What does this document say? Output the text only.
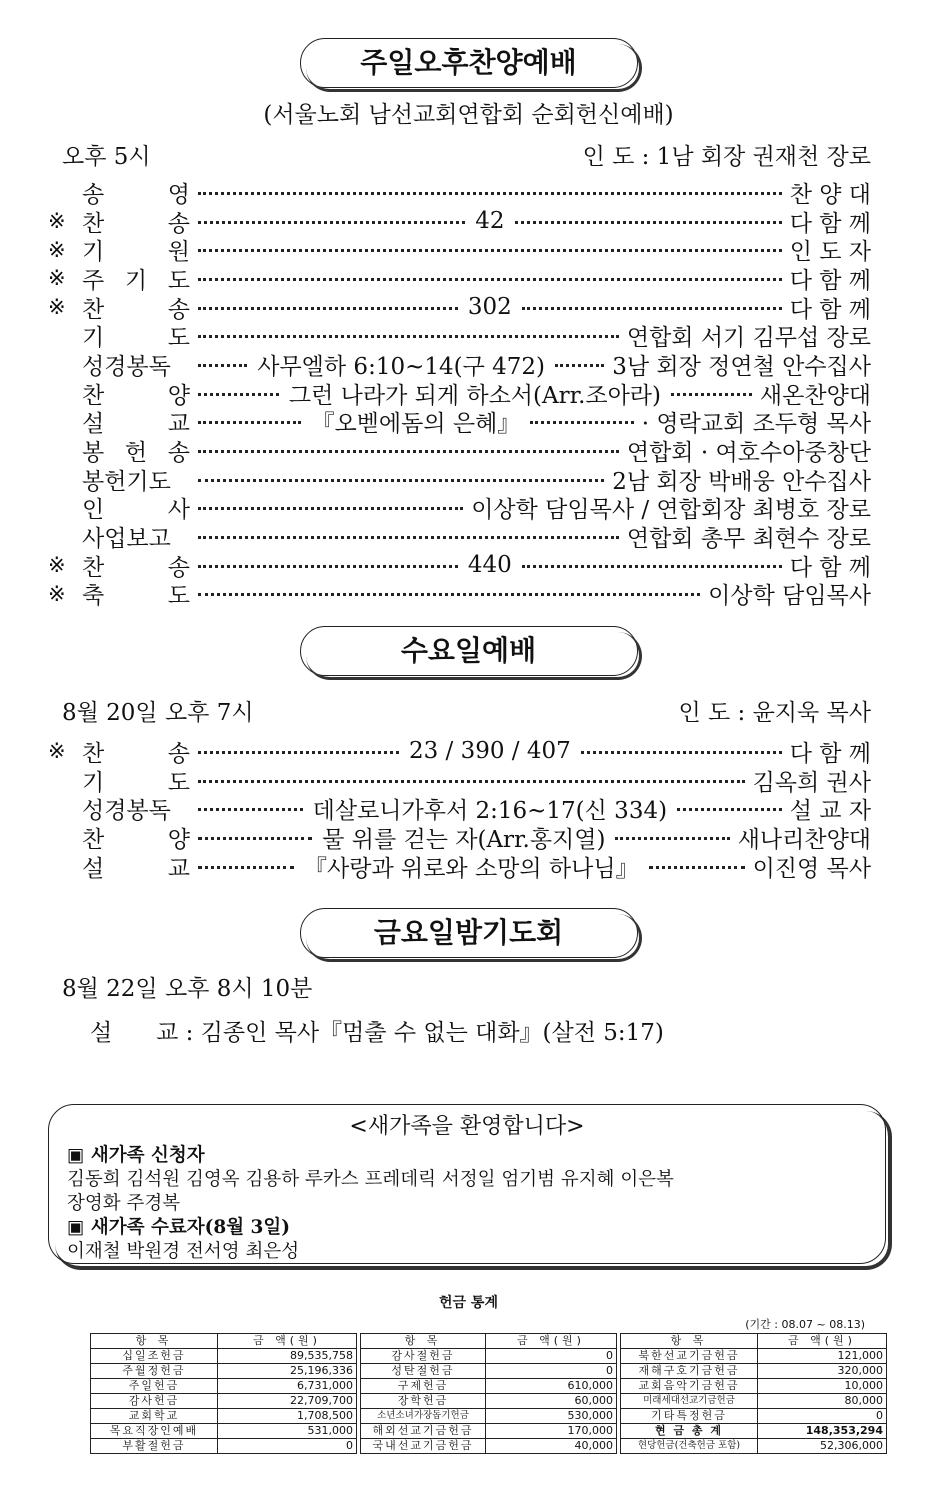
주일오후찬양예배
(서울노회 남선교회연합회 순회헌신예배)
오후 5시	인 도 : 1남 회장 권재천 장로
송	영	찬 양 대
※ 찬	송	42	다 함 께
※ 기	원	인 도 자
※ 주 기 도	다 함 께
※ 찬	송	302	다 함 께
기	도	연합회 서기 김무섭 장로
성경봉독	사무엘하 6:10~14(구 472)	3남 회장 정연철 안수집사
찬	양	그런 나라가 되게 하소서(Arr.조아라)	새온찬양대
설	교	『오벧에돔의 은혜』	· 영락교회 조두형 목사
봉 헌 송	연합회 · 여호수아중창단
봉헌기도	2남 회장 박배웅 안수집사
인	사	이상학 담임목사 / 연합회장 최병호 장로
사업보고	연합회 총무 최현수 장로
※ 찬	송	440	다 함 께
※ 축	도	이상학 담임목사
수요일예배
8월 20일 오후 7시	인 도 : 윤지욱 목사
※ 찬	송	23 / 390 / 407	다 함 께
기	도	김옥희 권사
성경봉독	데살로니가후서 2:16~17(신 334)	설 교 자
찬	양	물 위를 걷는 자(Arr.홍지열)	새나리찬양대
설	교	『사랑과 위로와 소망의 하나님』	이진영 목사
금요일밤기도회
8월 22일 오후 8시 10분
설      교 : 김종인 목사『멈출 수 없는 대화』(살전 5:17)
<새가족을 환영합니다>
▣ 새가족 신청자
김동희 김석원 김영옥 김용하 루카스 프레데릭 서정일 엄기범 유지혜 이은복
장영화 주경복
▣ 새가족 수료자(8월 3일)
이재철 박원경 전서영 최은성
헌금 통계
(기간 : 08.07 ~ 08.13)
항 목	금 액(원)
십일조헌금	89,535,758
주월정헌금	25,196,336
주일헌금	6,731,000
감사헌금	22,709,700
교회학교	1,708,500
목요직장인예배	531,000
부활절헌금	0
항 목	금 액(원)
감사절헌금	0
성탄절헌금	0
구제헌금	610,000
장학헌금	60,000
소년소녀가장돕기헌금	530,000
해외선교기금헌금	170,000
국내선교기금헌금	40,000
항 목	금 액(원)
북한선교기금헌금	121,000
재해구호기금헌금	320,000
교회음악기금헌금	10,000
미래세대선교기금헌금	80,000
기타특정헌금	0
현 금 총 계	148,353,294
현당헌금(건축헌금 포함)	52,306,000
